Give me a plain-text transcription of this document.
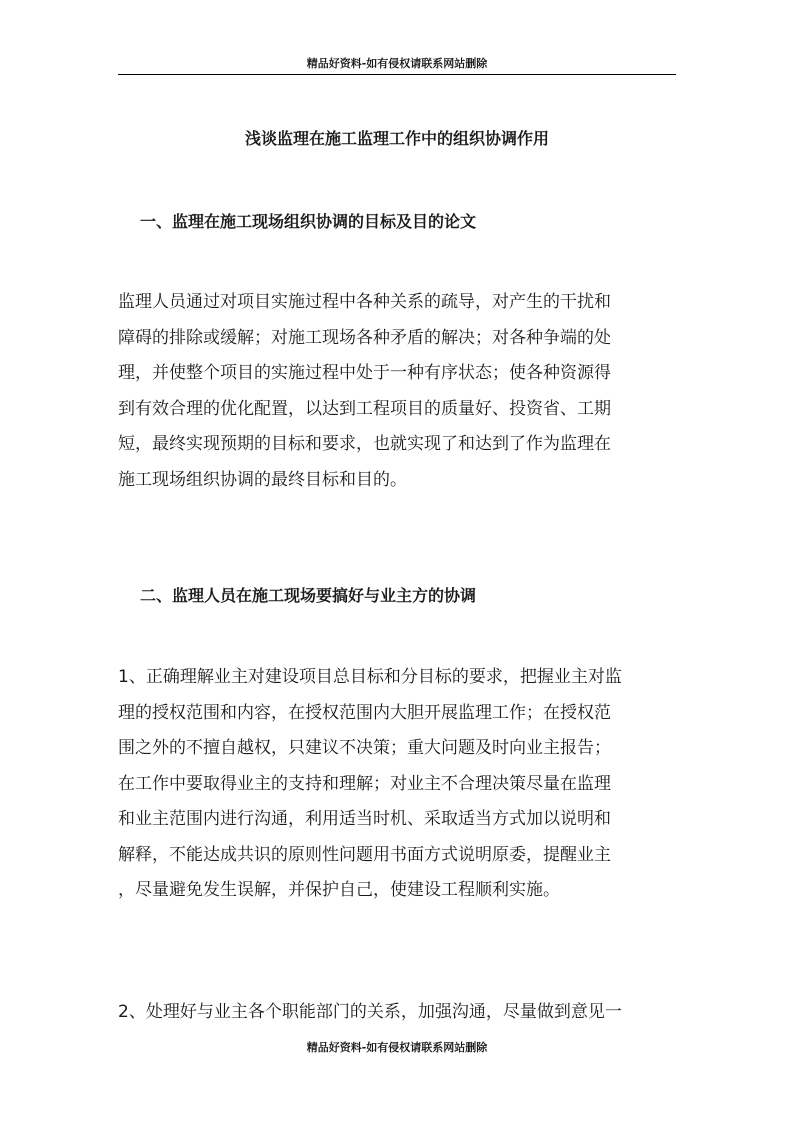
精品好资料-如有侵权请联系网站删除
浅谈监理在施工监理工作中的组织协调作用
一、监理在施工现场组织协调的目标及目的论文

监理人员通过对项目实施过程中各种关系的疏导，对产生的干扰和
障碍的排除或缓解；对施工现场各种矛盾的解决；对各种争端的处
理，并使整个项目的实施过程中处于一种有序状态；使各种资源得
到有效合理的优化配置，以达到工程项目的质量好、投资省、工期
短，最终实现预期的目标和要求，也就实现了和达到了作为监理在
施工现场组织协调的最终目标和目的。

二、监理人员在施工现场要搞好与业主方的协调

1、正确理解业主对建设项目总目标和分目标的要求，把握业主对监
理的授权范围和内容，在授权范围内大胆开展监理工作；在授权范
围之外的不擅自越权，只建议不决策；重大问题及时向业主报告；
在工作中要取得业主的支持和理解；对业主不合理决策尽量在监理
和业主范围内进行沟通，利用适当时机、采取适当方式加以说明和
解释，不能达成共识的原则性问题用书面方式说明原委，提醒业主
，尽量避免发生误解，并保护自己，使建设工程顺利实施。

2、处理好与业主各个职能部门的关系，加强沟通，尽量做到意见一

精品好资料-如有侵权请联系网站删除
